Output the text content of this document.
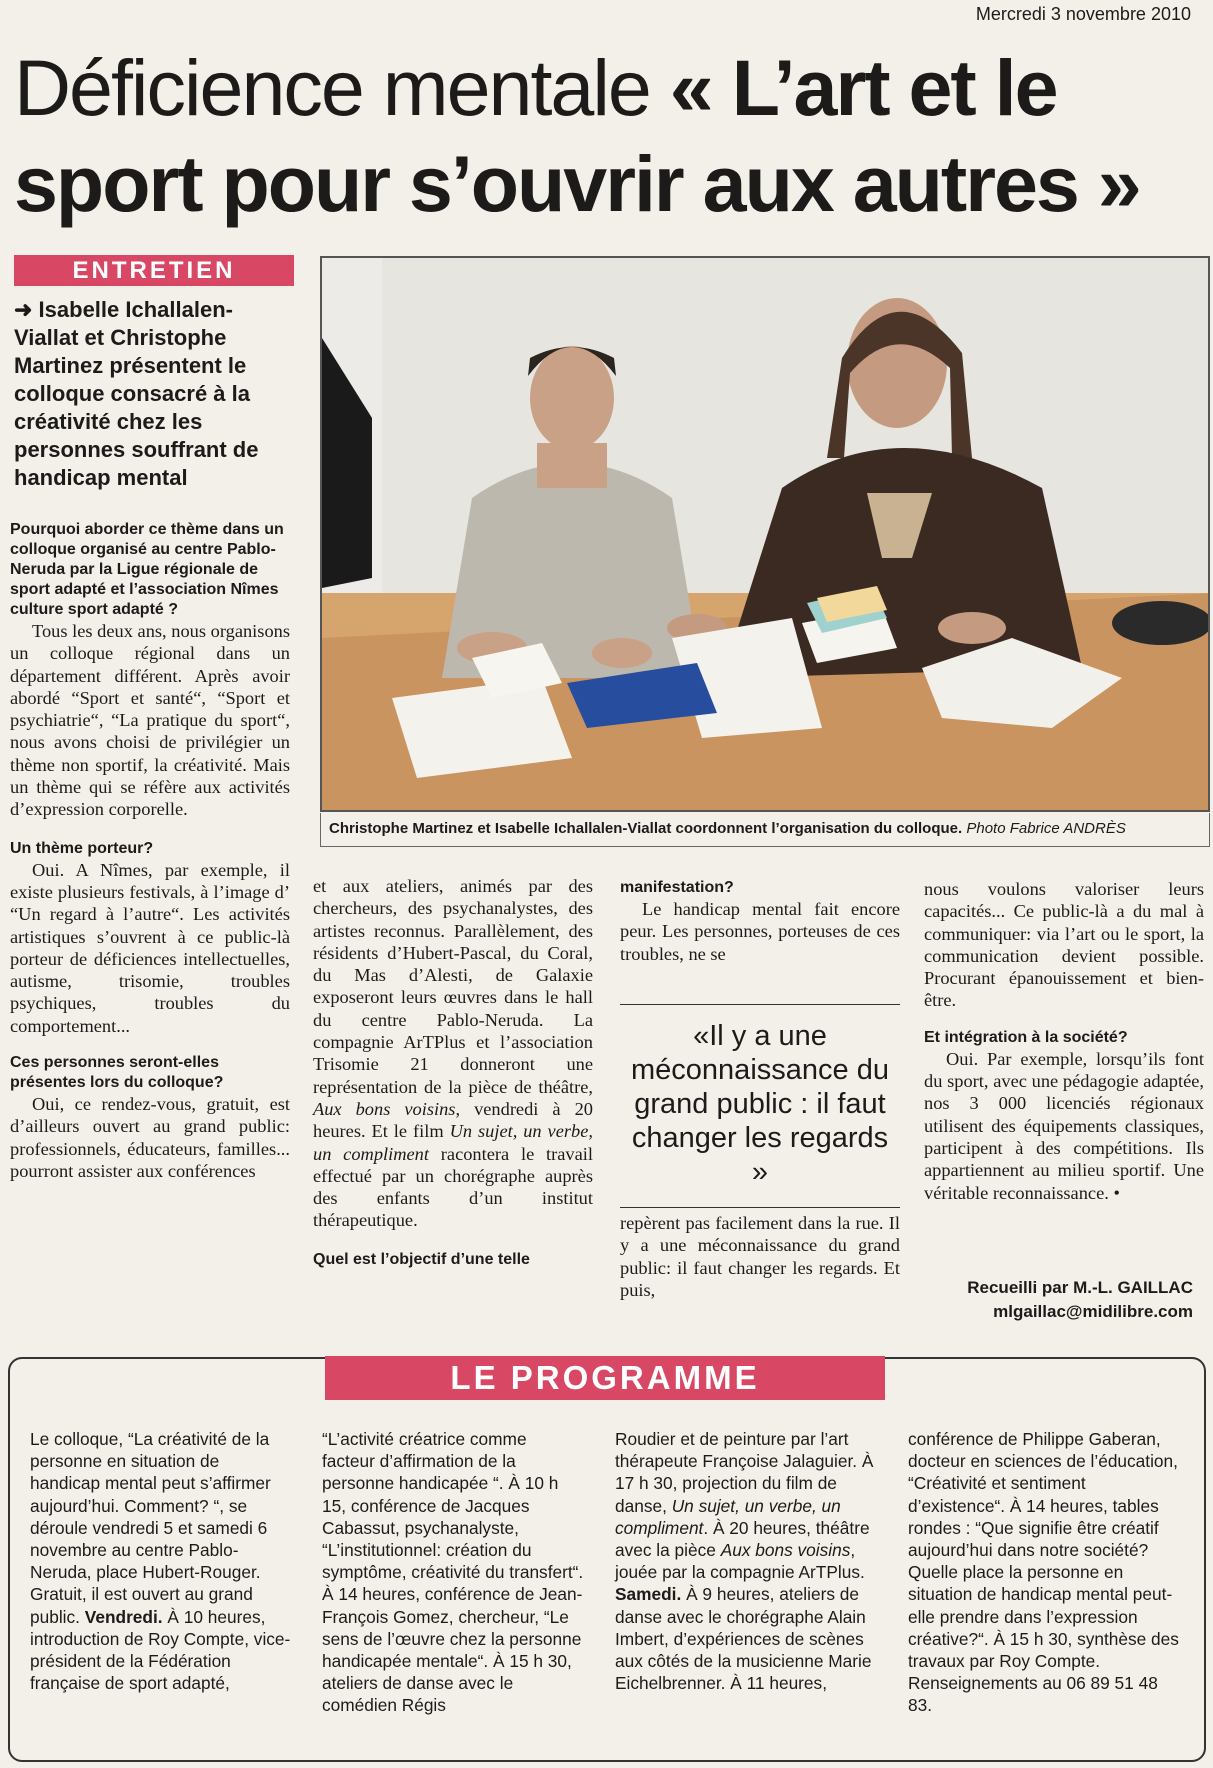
Mercredi 3 novembre 2010
Déficience mentale « L’art et le sport pour s’ouvrir aux autres »
ENTRETIEN
➜ Isabelle Ichallalen-Viallat et Christophe Martinez présentent le colloque consacré à la créativité chez les personnes souffrant de handicap mental
Christophe Martinez et Isabelle Ichallalen-Viallat coordonnent l’organisation du colloque. Photo Fabrice ANDRÈS

Pourquoi aborder ce thème dans un colloque organisé au centre Pablo-Neruda par la Ligue régionale de sport adapté et l’association Nîmes culture sport adapté ?

Tous les deux ans, nous organisons un colloque régional dans un département différent. Après avoir abordé “Sport et santé“, “Sport et psychiatrie“, “La pratique du sport“, nous avons choisi de privilégier un thème non sportif, la créativité. Mais un thème qui se réfère aux activités d’expression corporelle.

Un thème porteur?

Oui. A Nîmes, par exemple, il existe plusieurs festivals, à l’image d’ “Un regard à l’autre“. Les activités artistiques s’ouvrent à ce public-là porteur de déficiences intellectuelles, autisme, trisomie, troubles psychiques, troubles du comportement...

Ces personnes seront-elles présentes lors du colloque?

Oui, ce rendez-vous, gratuit, est d’ailleurs ouvert au grand public: professionnels, éducateurs, familles... pourront assister aux conférences

et aux ateliers, animés par des chercheurs, des psychanalystes, des artistes reconnus. Parallèlement, des résidents d’Hubert-Pascal, du Coral, du Mas d’Alesti, de Galaxie exposeront leurs œuvres dans le hall du centre Pablo-Neruda. La compagnie ArTPlus et l’association Trisomie 21 donneront une représentation de la pièce de théâtre, Aux bons voisins, vendredi à 20 heures. Et le film Un sujet, un verbe, un compliment racontera le travail effectué par un chorégraphe auprès des enfants d’un institut thérapeutique.

Quel est l’objectif d’une telle

manifestation?

Le handicap mental fait encore peur. Les personnes, porteuses de ces troubles, ne se

«Il y a une méconnaissance du grand public : il faut changer les regards »

repèrent pas facilement dans la rue. Il y a une méconnaissance du grand public: il faut changer les regards. Et puis,

nous voulons valoriser leurs capacités... Ce public-là a du mal à communiquer: via l’art ou le sport, la communication devient possible. Procurant épanouissement et bien-être.

Et intégration à la société?

Oui. Par exemple, lorsqu’ils font du sport, avec une pédagogie adaptée, nos 3 000 licenciés régionaux utilisent des équipements classiques, participent à des compétitions. Ils appartiennent au milieu sportif. Une véritable reconnaissance. •

Recueilli par M.-L. GAILLAC
mlgaillac@midilibre.com
LE PROGRAMME

Le colloque, “La créativité de la personne en situation de handicap mental peut s’affirmer aujourd’hui. Comment? “, se déroule vendredi 5 et samedi 6 novembre au centre Pablo-Neruda, place Hubert-Rouger. Gratuit, il est ouvert au grand public. Vendredi. À 10 heures, introduction de Roy Compte, vice-président de la Fédération française de sport adapté,

“L’activité créatrice comme facteur d’affirmation de la personne handicapée “. À 10 h 15, conférence de Jacques Cabassut, psychanalyste, “L’institutionnel: création du symptôme, créativité du transfert“. À 14 heures, conférence de Jean-François Gomez, chercheur, “Le sens de l’œuvre chez la personne handicapée mentale“. À 15 h 30, ateliers de danse avec le comédien Régis

Roudier et de peinture par l’art thérapeute Françoise Jalaguier. À 17 h 30, projection du film de danse, Un sujet, un verbe, un compliment. À 20 heures, théâtre avec la pièce Aux bons voisins, jouée par la compagnie ArTPlus. Samedi. À 9 heures, ateliers de danse avec le chorégraphe Alain Imbert, d’expériences de scènes aux côtés de la musicienne Marie Eichelbrenner. À 11 heures,

conférence de Philippe Gaberan, docteur en sciences de l’éducation, “Créativité et sentiment d’existence“. À 14 heures, tables rondes : “Que signifie être créatif aujourd’hui dans notre société? Quelle place la personne en situation de handicap mental peut-elle prendre dans l’expression créative?“. À 15 h 30, synthèse des travaux par Roy Compte. Renseignements au 06 89 51 48 83.
